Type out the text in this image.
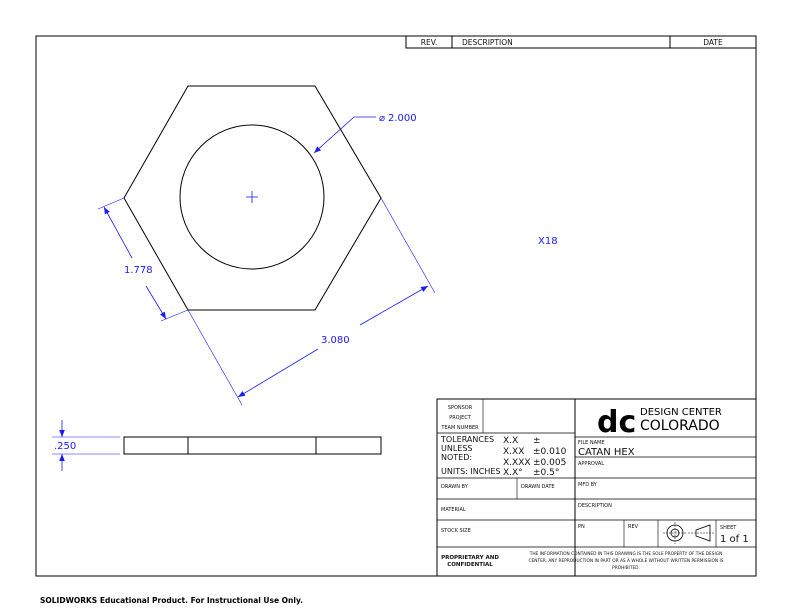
REV.	DESCRIPTION	DATE
⌀ 2.000
1.778
3.080
X18
.250
SPONSOR
PROJECT
TEAM NUMBER
TOLERANCES
UNLESS
NOTED:
UNITS: INCHES
X.X ±
X.XX ±0.010
X.XXX ±0.005
X.X° ±0.5°
DRAWN BY	DRAWN DATE
MATERIAL
STOCK SIZE
dc DESIGN CENTER
COLORADO
FILE NAME
CATAN HEX
APPROVAL
MFD BY
DESCRIPTION
PN	REV	SHEET
1 of 1
PROPRIETARY AND
CONFIDENTIAL
THE INFORMATION CONTAINED IN THIS DRAWING IS THE SOLE PROPERTY OF THE DESIGN
CENTER. ANY REPRODUCTION IN PART OR AS A WHOLE WITHOUT WRITTEN PERMISSION IS
PROHIBITED.
SOLIDWORKS Educational Product. For Instructional Use Only.
